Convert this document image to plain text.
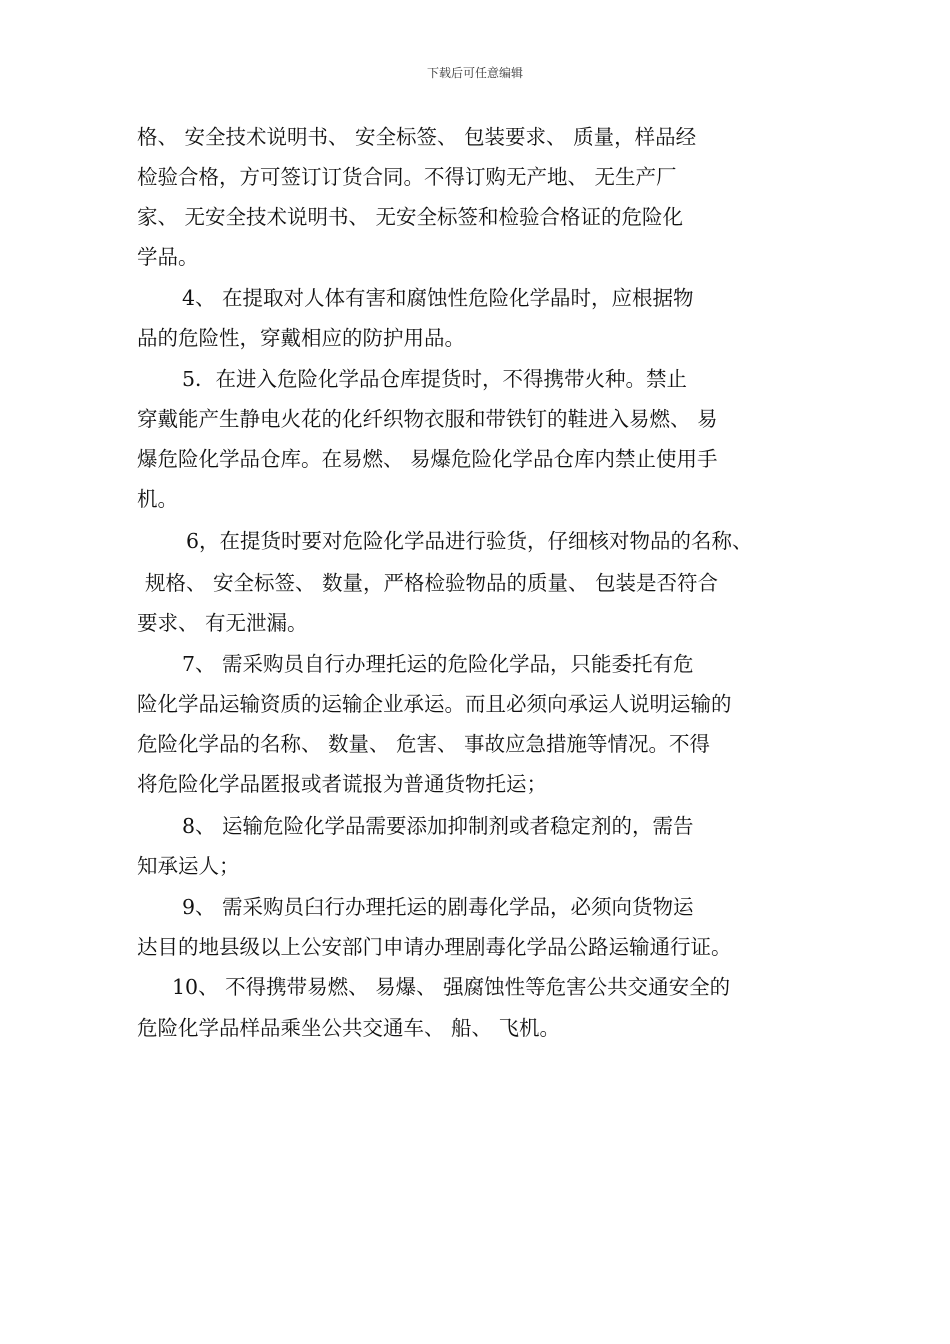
下载后可任意编辑
格、 安全技术说明书、 安全标签、 包装要求、 质量，样品经
检验合格，方可签订订货合同。不得订购无产地、 无生产厂
家、 无安全技术说明书、 无安全标签和检验合格证的危险化
学品。
4、 在提取对人体有害和腐蚀性危险化学晶时，应根据物
品的危险性，穿戴相应的防护用品。
5．在进入危险化学品仓库提货时，不得携带火种。禁止
穿戴能产生静电火花的化纤织物衣服和带铁钉的鞋进入易燃、 易
爆危险化学品仓库。在易燃、 易爆危险化学品仓库内禁止使用手
机。
6，在提货时要对危险化学品进行验货，仔细核对物品的名称、
规格、 安全标签、 数量，严格检验物品的质量、 包装是否符合
要求、 有无泄漏。
7、 需采购员自行办理托运的危险化学品，只能委托有危
险化学品运输资质的运输企业承运。而且必须向承运人说明运输的
危险化学品的名称、 数量、 危害、 事故应急措施等情况。不得
将危险化学品匿报或者谎报为普通货物托运；
8、 运输危险化学品需要添加抑制剂或者稳定剂的，需告
知承运人；
9、 需采购员臼行办理托运的剧毒化学品，必须向货物运
达目的地县级以上公安部门申请办理剧毒化学品公路运输通行证。
10、 不得携带易燃、 易爆、 强腐蚀性等危害公共交通安全的
危险化学品样品乘坐公共交通车、 船、 飞机。
